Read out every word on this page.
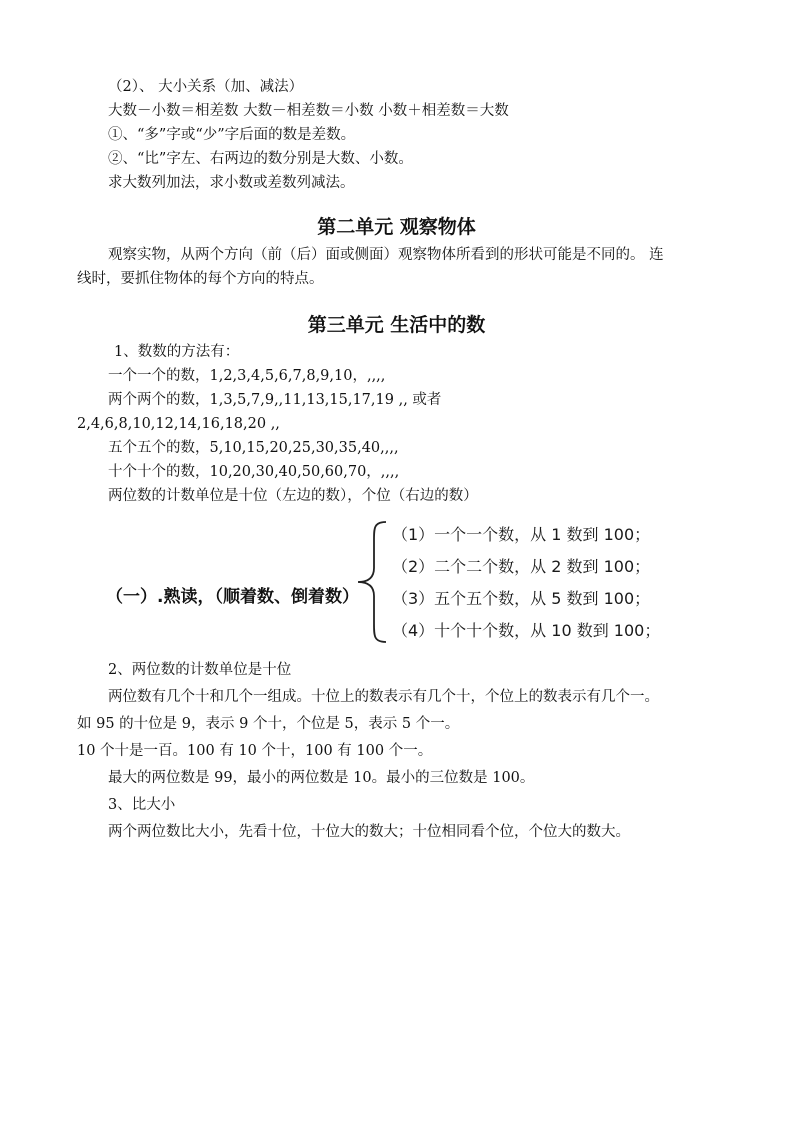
（2）、 大小关系（加、减法）
大数－小数＝相差数 大数－相差数＝小数 小数＋相差数＝大数
①、“多”字或“少”字后面的数是差数。
②、“比”字左、右两边的数分别是大数、小数。
求大数列加法，求小数或差数列减法。
第二单元 观察物体
观察实物，从两个方向（前（后）面或侧面）观察物体所看到的形状可能是不同的。 连
线时，要抓住物体的每个方向的特点。
第三单元 生活中的数
1、数数的方法有：
一个一个的数，1,2,3,4,5,6,7,8,9,10，,,,,
两个两个的数，1,3,5,7,9,,11,13,15,17,19 ,, 或者
2,4,6,8,10,12,14,16,18,20 ,,
五个五个的数，5,10,15,20,25,30,35,40,,,,
十个十个的数，10,20,30,40,50,60,70，,,,,
两位数的计数单位是十位（左边的数），个位（右边的数）
（一）.熟读，（顺着数、倒着数）
（1）一个一个数，从 1 数到 100；
（2）二个二个数，从 2 数到 100；
（3）五个五个数，从 5 数到 100；
（4）十个十个数，从 10 数到 100；
2、两位数的计数单位是十位
两位数有几个十和几个一组成。十位上的数表示有几个十，个位上的数表示有几个一。
如 95 的十位是 9，表示 9 个十，个位是 5，表示 5 个一。
10 个十是一百。100 有 10 个十，100 有 100 个一。
最大的两位数是 99，最小的两位数是 10。最小的三位数是 100。
3、比大小
两个两位数比大小，先看十位，十位大的数大；十位相同看个位，个位大的数大。
